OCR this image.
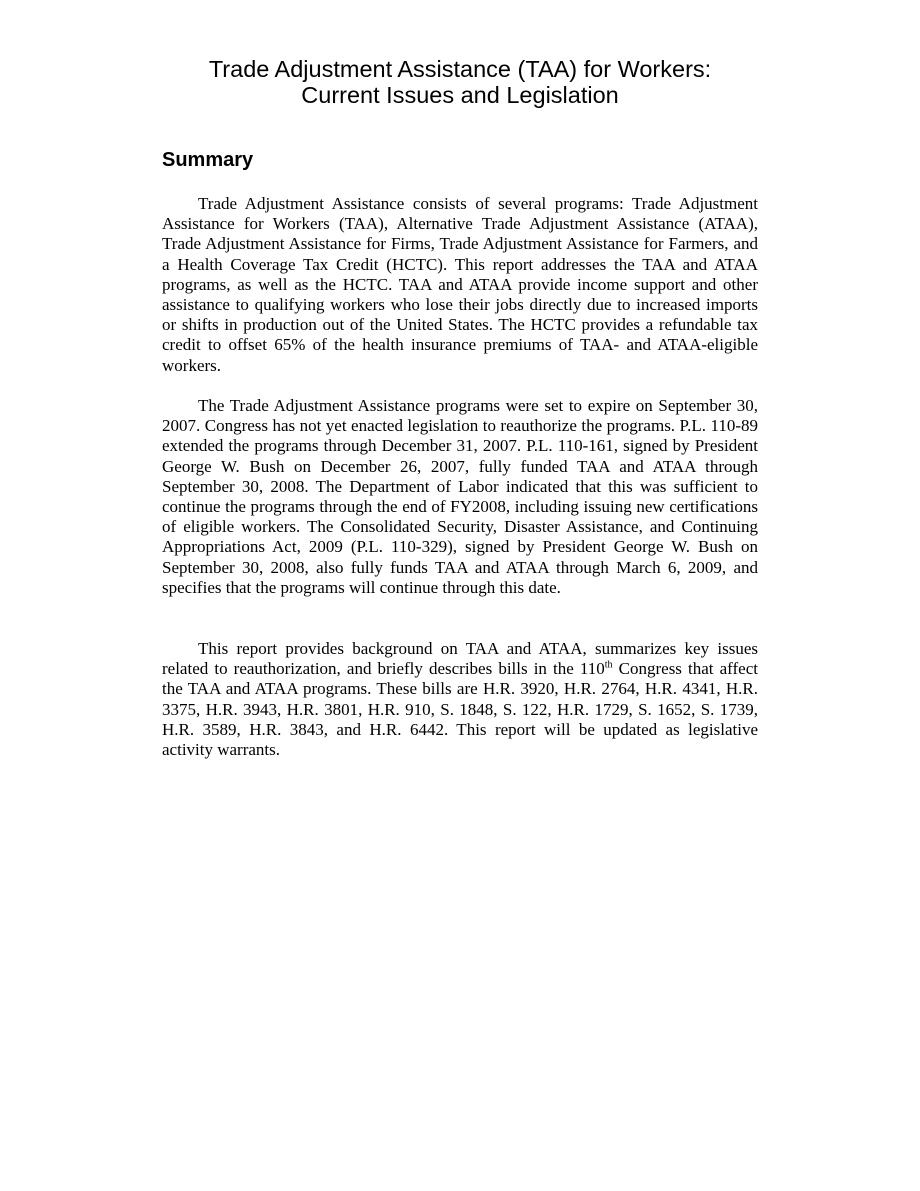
Trade Adjustment Assistance (TAA) for Workers:
Current Issues and Legislation
Summary

Trade Adjustment Assistance consists of several programs: Trade Adjustment Assistance for Workers (TAA), Alternative Trade Adjustment Assistance (ATAA), Trade Adjustment Assistance for Firms, Trade Adjustment Assistance for Farmers, and a Health Coverage Tax Credit (HCTC). This report addresses the TAA and ATAA programs, as well as the HCTC. TAA and ATAA provide income support and other assistance to qualifying workers who lose their jobs directly due to increased imports or shifts in production out of the United States. The HCTC provides a refundable tax credit to offset 65% of the health insurance premiums of TAA- and ATAA-eligible workers.

The Trade Adjustment Assistance programs were set to expire on September 30, 2007. Congress has not yet enacted legislation to reauthorize the programs. P.L. 110-89 extended the programs through December 31, 2007. P.L. 110-161, signed by President George W. Bush on December 26, 2007, fully funded TAA and ATAA through September 30, 2008. The Department of Labor indicated that this was sufficient to continue the programs through the end of FY2008, including issuing new certifications of eligible workers. The Consolidated Security, Disaster Assistance, and Continuing Appropriations Act, 2009 (P.L. 110-329), signed by President George W. Bush on September 30, 2008, also fully funds TAA and ATAA through March 6, 2009, and specifies that the programs will continue through this date.

This report provides background on TAA and ATAA, summarizes key issues related to reauthorization, and briefly describes bills in the 110th Congress that affect the TAA and ATAA programs. These bills are H.R. 3920, H.R. 2764, H.R. 4341, H.R. 3375, H.R. 3943, H.R. 3801, H.R. 910, S. 1848, S. 122, H.R. 1729, S. 1652, S. 1739, H.R. 3589, H.R. 3843, and H.R. 6442. This report will be updated as legislative activity warrants.
